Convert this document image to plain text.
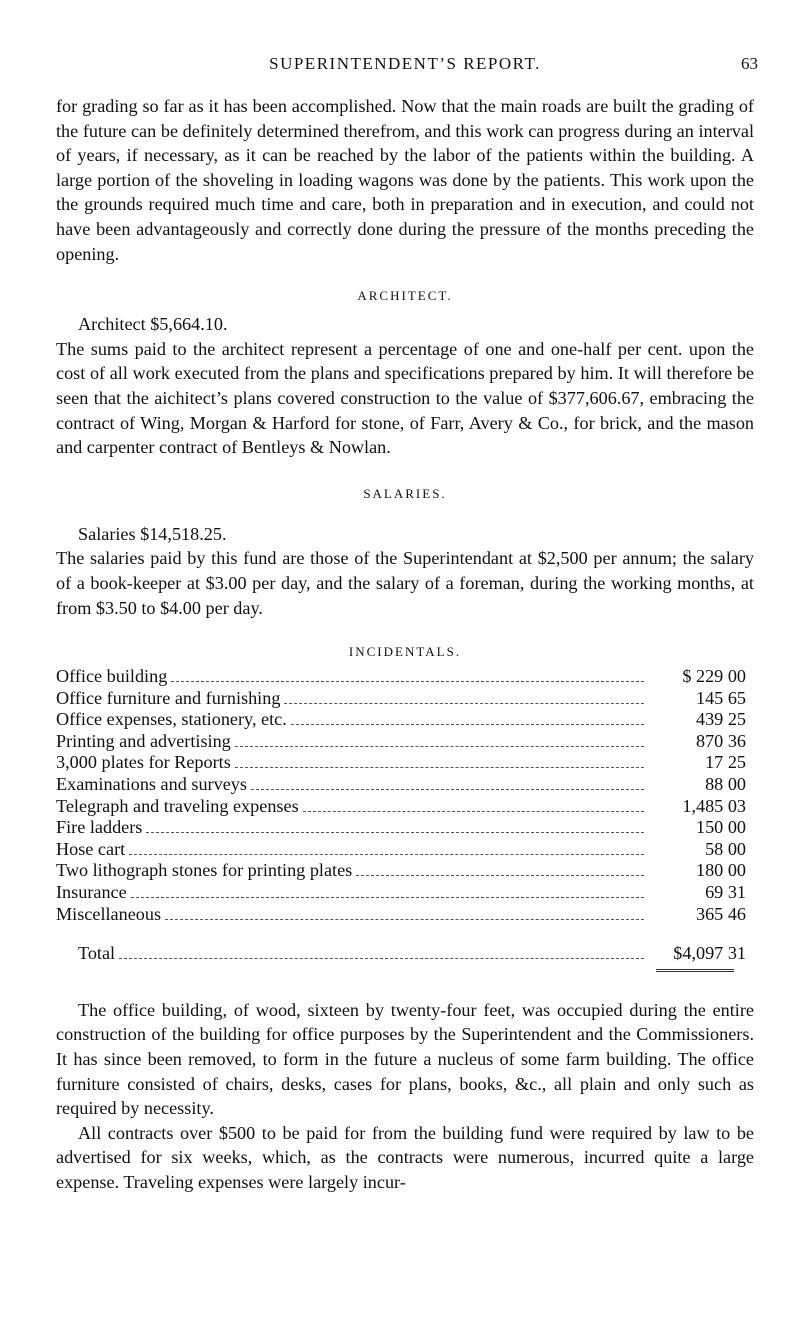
SUPERINTENDENT’S REPORT.	63

for grading so far as it has been accomplished. Now that the main roads are built the grading of the future can be definitely determined therefrom, and this work can progress during an interval of years, if necessary, as it can be reached by the labor of the patients within the building. A large portion of the shoveling in loading wagons was done by the patients. This work upon the the grounds required much time and care, both in preparation and in execution, and could not have been advantageously and correctly done during the pressure of the months preceding the opening.

ARCHITECT.

Architect $5,664.10.

The sums paid to the architect represent a percentage of one and one-half per cent. upon the cost of all work executed from the plans and specifications prepared by him. It will therefore be seen that the aichitect’s plans covered construction to the value of $377,606.67, embracing the contract of Wing, Morgan & Harford for stone, of Farr, Avery & Co., for brick, and the mason and carpenter contract of Bentleys & Nowlan.

SALARIES.

Salaries $14,518.25.

The salaries paid by this fund are those of the Superintendant at $2,500 per annum; the salary of a book-keeper at $3.00 per day, and the salary of a foreman, during the working months, at from $3.50 to $4.00 per day.

INCIDENTALS.
Office building	$ 229 00
Office furniture and furnishing	145 65
Office expenses, stationery, etc.	439 25
Printing and advertising	870 36
3,000 plates for Reports	17 25
Examinations and surveys	88 00
Telegraph and traveling expenses	1,485 03
Fire ladders	150 00
Hose cart	58 00
Two lithograph stones for printing plates	180 00
Insurance	69 31
Miscellaneous	365 46
Total	$4,097 31

The office building, of wood, sixteen by twenty-four feet, was occupied during the entire construction of the building for office purposes by the Superintendent and the Commissioners. It has since been removed, to form in the future a nucleus of some farm building. The office furniture consisted of chairs, desks, cases for plans, books, &c., all plain and only such as required by necessity.

All contracts over $500 to be paid for from the building fund were required by law to be advertised for six weeks, which, as the contracts were numerous, incurred quite a large expense. Traveling expenses were largely incur-
